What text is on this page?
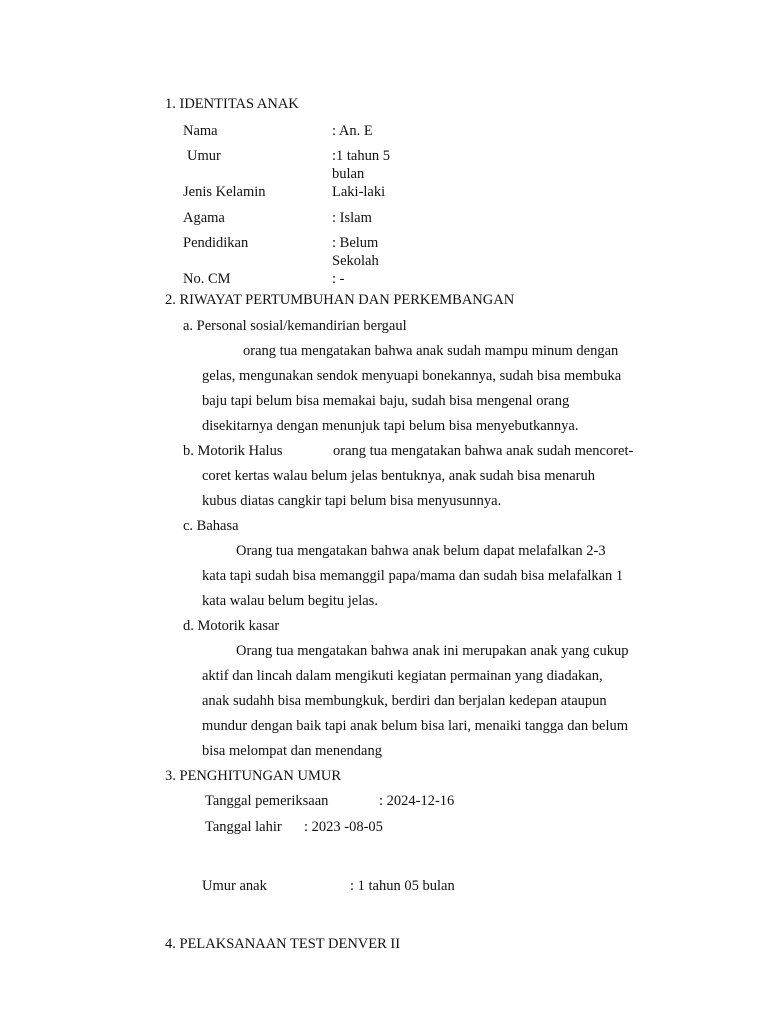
1. IDENTITAS ANAK
Nama	: An. E
Umur	:1 tahun 5
bulan
Jenis Kelamin	Laki-laki
Agama	: Islam
Pendidikan	: Belum
Sekolah
No. CM	: -
2. RIWAYAT PERTUMBUHAN DAN PERKEMBANGAN
a. Personal sosial/kemandirian bergaul
orang tua mengatakan bahwa anak sudah mampu minum dengan
gelas, mengunakan sendok menyuapi bonekannya, sudah bisa membuka
baju tapi belum bisa memakai baju, sudah bisa mengenal orang
disekitarnya dengan menunjuk tapi belum bisa menyebutkannya.
b. Motorik Halus	orang tua mengatakan bahwa anak sudah mencoret-
coret kertas walau belum jelas bentuknya, anak sudah bisa menaruh
kubus diatas cangkir tapi belum bisa menyusunnya.
c. Bahasa
Orang tua mengatakan bahwa anak belum dapat melafalkan 2-3
kata tapi sudah bisa memanggil papa/mama dan sudah bisa melafalkan 1
kata walau belum begitu jelas.
d. Motorik kasar
Orang tua mengatakan bahwa anak ini merupakan anak yang cukup
aktif dan lincah dalam mengikuti kegiatan permainan yang diadakan,
anak sudahh bisa membungkuk, berdiri dan berjalan kedepan ataupun
mundur dengan baik tapi anak belum bisa lari, menaiki tangga dan belum
bisa melompat dan menendang
3. PENGHITUNGAN UMUR
Tanggal pemeriksaan	: 2024-12-16
Tanggal lahir : 2023 -08-05
Umur anak	: 1 tahun 05 bulan
4. PELAKSANAAN TEST DENVER II
